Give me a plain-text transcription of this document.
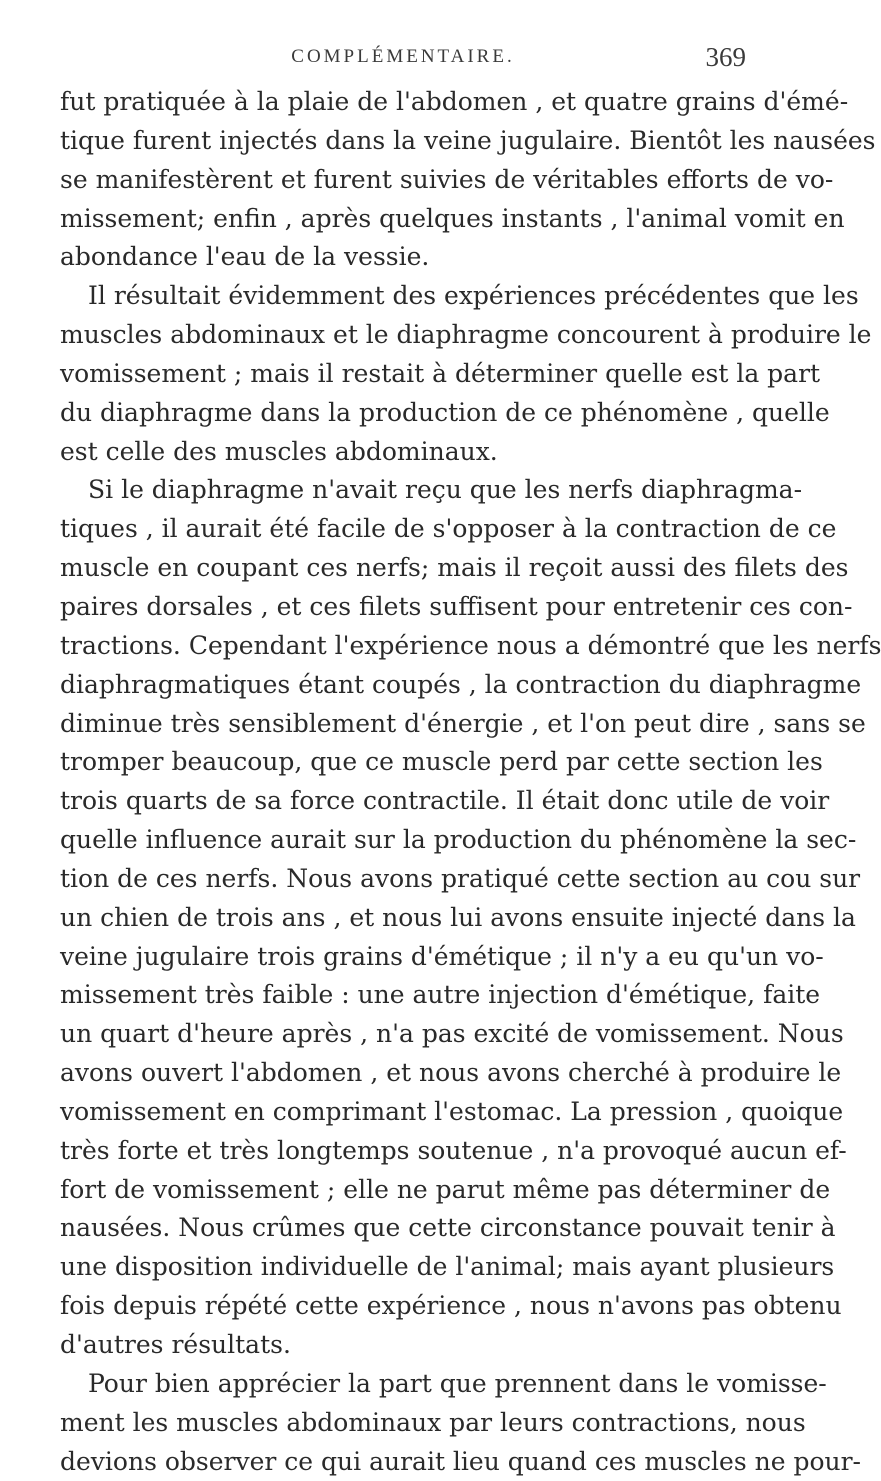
COMPLÉMENTAIRE.	369
fut pratiquée à la plaie de l'abdomen , et quatre grains d'émé-
tique furent injectés dans la veine jugulaire. Bientôt les nausées
se manifestèrent et furent suivies de véritables efforts de vo-
missement; enfin , après quelques instants , l'animal vomit en
abondance l'eau de la vessie.
Il résultait évidemment des expériences précédentes que les
muscles abdominaux et le diaphragme concourent à produire le
vomissement ; mais il restait à déterminer quelle est la part
du diaphragme dans la production de ce phénomène , quelle
est celle des muscles abdominaux.
Si le diaphragme n'avait reçu que les nerfs diaphragma-
tiques , il aurait été facile de s'opposer à la contraction de ce
muscle en coupant ces nerfs; mais il reçoit aussi des filets des
paires dorsales , et ces filets suffisent pour entretenir ces con-
tractions. Cependant l'expérience nous a démontré que les nerfs
diaphragmatiques étant coupés , la contraction du diaphragme
diminue très sensiblement d'énergie , et l'on peut dire , sans se
tromper beaucoup, que ce muscle perd par cette section les
trois quarts de sa force contractile. Il était donc utile de voir
quelle influence aurait sur la production du phénomène la sec-
tion de ces nerfs. Nous avons pratiqué cette section au cou sur
un chien de trois ans , et nous lui avons ensuite injecté dans la
veine jugulaire trois grains d'émétique ; il n'y a eu qu'un vo-
missement très faible : une autre injection d'émétique, faite
un quart d'heure après , n'a pas excité de vomissement. Nous
avons ouvert l'abdomen , et nous avons cherché à produire le
vomissement en comprimant l'estomac. La pression , quoique
très forte et très longtemps soutenue , n'a provoqué aucun ef-
fort de vomissement ; elle ne parut même pas déterminer de
nausées. Nous crûmes que cette circonstance pouvait tenir à
une disposition individuelle de l'animal; mais ayant plusieurs
fois depuis répété cette expérience , nous n'avons pas obtenu
d'autres résultats.
Pour bien apprécier la part que prennent dans le vomisse-
ment les muscles abdominaux par leurs contractions, nous
devions observer ce qui aurait lieu quand ces muscles ne pour-
